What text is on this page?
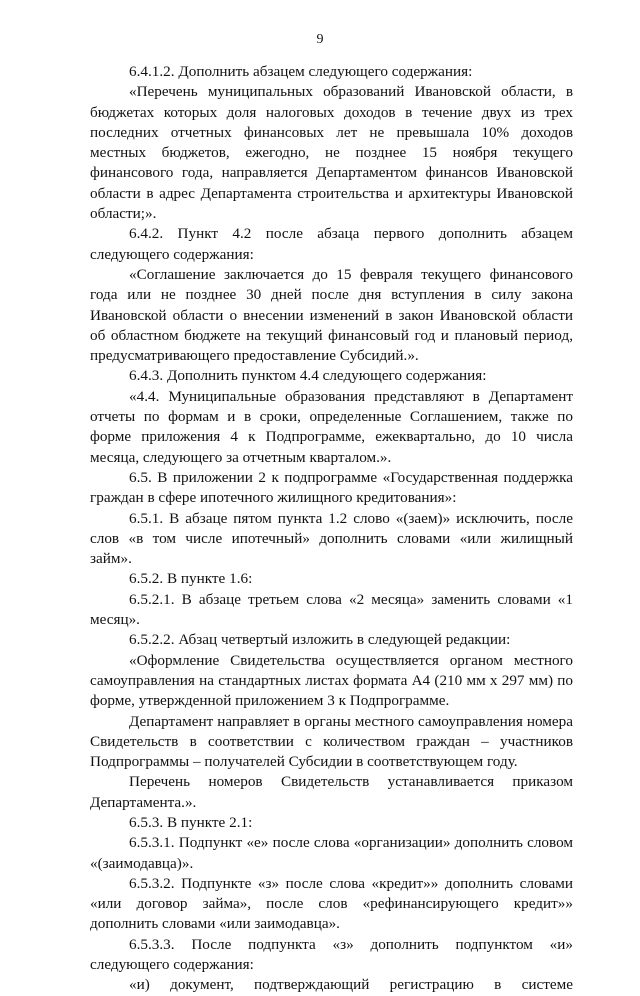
9

6.4.1.2. Дополнить абзацем следующего содержания:

«Перечень муниципальных образований Ивановской области, в бюджетах которых доля налоговых доходов в течение двух из трех последних отчетных финансовых лет не превышала 10% доходов местных бюджетов, ежегодно, не позднее 15 ноября текущего финансового года, направляется Департаментом финансов Ивановской области в адрес Департамента строительства и архитектуры Ивановской области;».

6.4.2. Пункт 4.2 после абзаца первого дополнить абзацем следующего содержания:

«Соглашение заключается до 15 февраля текущего финансового года или не позднее 30 дней после дня вступления в силу закона Ивановской области о внесении изменений в закон Ивановской области об областном бюджете на текущий финансовый год и плановый период, предусматривающего предоставление Субсидий.».

6.4.3. Дополнить пунктом 4.4 следующего содержания:

«4.4. Муниципальные образования представляют в Департамент отчеты по формам и в сроки, определенные Соглашением, также по форме приложения 4 к Подпрограмме, ежеквартально, до 10 числа месяца, следующего за отчетным кварталом.».

6.5. В приложении 2 к подпрограмме «Государственная поддержка граждан в сфере ипотечного жилищного кредитования»:

6.5.1. В абзаце пятом пункта 1.2 слово «(заем)» исключить, после слов «в том числе ипотечный» дополнить словами «или жилищный займ».

6.5.2. В пункте 1.6:

6.5.2.1. В абзаце третьем слова «2 месяца» заменить словами «1 месяц».

6.5.2.2. Абзац четвертый изложить в следующей редакции:

«Оформление Свидетельства осуществляется органом местного самоуправления на стандартных листах формата А4 (210 мм х 297 мм) по форме, утвержденной приложением 3 к Подпрограмме.

Департамент направляет в органы местного самоуправления номера Свидетельств в соответствии с количеством граждан – участников Подпрограммы – получателей Субсидии в соответствующем году.

Перечень номеров Свидетельств устанавливается приказом Департамента.».

6.5.3. В пункте 2.1:

6.5.3.1. Подпункт «е» после слова «организации» дополнить словом «(заимодавца)».

6.5.3.2. Подпункте «з» после слова «кредит»» дополнить словами «или договор займа», после слов «рефинансирующего кредит»» дополнить словами «или заимодавца».

6.5.3.3. После подпункта «з» дополнить подпунктом «и» следующего содержания:

«и) документ, подтверждающий регистрацию в системе
